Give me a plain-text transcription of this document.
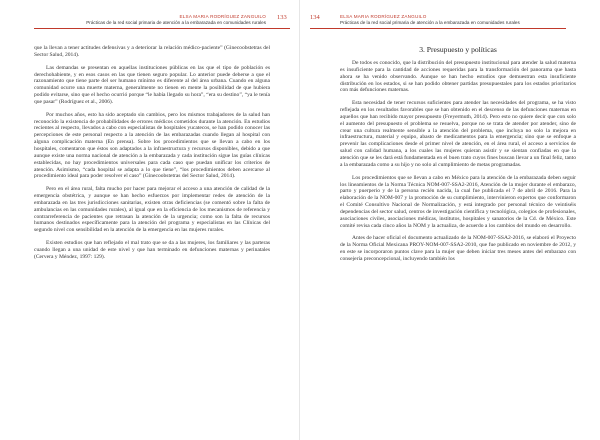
ELSA MARIA RODRÍGUEZ ZANGUILO
Prácticas de la red social primaria de atención a la embarazada en comunidades rurales
133

que la llevan a tener actitudes defensivas y a deteriorar la relación médico-paciente” (Ginecoobstetras del Sector Salud, 2014).

Las demandas se presentan en aquellas instituciones públicas en las que el tipo de población es derechohabiente, y en esos casos en las que tienen seguro popular. Lo anterior puede deberse a que el razonamiento que tiene parte del ser humano mínimo es diferente al del área urbana. Cuando en alguna comunidad ocurre una muerte materna, generalmente no tienen en mente la posibilidad de que hubiera podido evitarse, sino que el hecho ocurrió porque “le había llegado su hora”, “era su destino”, “ya le tenía que pasar” (Rodríguez et al., 2006).

Por muchos años, esto ha sido aceptado sin cambios, pero los mismos trabajadores de la salud han reconocido la existencia de probabilidades de errores médicos cometidos durante la atención. En estudios recientes al respecto, llevados a cabo con especialistas de hospitales yucatecos, se han podido conocer las percepciones de este personal respecto a la atención de las embarazadas cuando llegan al hospital con alguna complicación materna (En prensa). Sobre los procedimientos que se llevan a cabo en los hospitales, comentaron que éstos son adaptados a la infraestructura y recursos disponibles, debido a que aunque existe una norma nacional de atención a la embarazada y cada institución sigue las guías clínicas establecidas, no hay procedimientos universales para cada caso que puedan unificar los criterios de atención. Asimismo, “cada hospital se adapta a lo que tiene”, “los procedimientos deben acercarse al procedimiento ideal para poder resolver el caso” (Ginecoobstetras del Sector Salud, 2014).

Pero en el área rural, falta mucho por hacer para mejorar el acceso a una atención de calidad de la emergencia obstétrica, y aunque se han hecho esfuerzos por implementar redes de atención de la embarazada en las tres jurisdicciones sanitarias, existen otras deficiencias (se comentó sobre la falta de ambulancias en las comunidades rurales), al igual que en la eficiencia de los mecanismos de referencia y contrarreferencia de pacientes que retrasan la atención de la urgencia; como son la falta de recursos humanos destinados específicamente para la atención del programa y especialistas en las Clínicas del segundo nivel con sensibilidad en la atención de la emergencia en las mujeres rurales.

Existen estudios que han reflejado el mal trato que se da a las mujeres, los familiares y las parteras cuando llegan a una unidad de este nivel y que han terminado en defunciones maternas y perinatales (Cervera y Méndez, 1997: 129).

134	ELSA MARIA RODRÍGUEZ ZANGUILO
Prácticas de la red social primaria de atención a la embarazada en comunidades rurales
3. Presupuesto y políticas

De todos es conocido, que la distribución del presupuesto institucional para atender la salud materna es insuficiente para la cantidad de acciones requeridas para la transformación del panorama que hasta ahora se ha venido observando. Aunque se han hecho estudios que demuestran esta insuficiente distribución en los estados, si se han podido obtener partidas presupuestales para los estados prioritarios con más defunciones maternas.

Esta necesidad de tener recursos suficientes para atender las necesidades del programa, se ha visto reflejada en los resultados favorables que se han obtenido en el descenso de las defunciones maternas en aquellos que han recibido mayor presupuesto (Freyermuth, 2014). Pero esto no quiere decir que con solo el aumento del presupuesto el problema se resuelva, porque no se trata de atender por atender, sino de crear una cultura realmente sensible a la atención del problema, que incluya no solo la mejora en infraestructura, material y equipo, abasto de medicamentos para la emergencia; sino que se enfoque a prevenir las complicaciones desde el primer nivel de atención, en el área rural, el acceso a servicios de salud con calidad humana, a los cuales las mujeres quieran asistir y se sientan confiadas en que la atención que se les dará está fundamentada en el buen trato cuyos fines buscan llevar a un final feliz, tanto a la embarazada como a su hijo y no solo al cumplimiento de metas programadas.

Los procedimientos que se llevan a cabo en México para la atención de la embarazada deben seguir los lineamientos de la Norma Técnica NOM-007-SSA2-2016, Atención de la mujer durante el embarazo, parto y puerperio y de la persona recién nacida, la cual fue publicada el 7 de abril de 2016. Para la elaboración de la NOM-007 y la promoción de su cumplimiento, intervinieron expertos que conformaron el Comité Consultivo Nacional de Normalización, y está integrado por personal técnico de veintiséis dependencias del sector salud, centros de investigación científica y tecnológica, colegios de profesionales, asociaciones civiles, asociaciones médicas, institutos, hospitales y sanatorios de la Cd. de México. Este comité revisa cada cinco años la NOM y la actualiza, de acuerdo a los cambios del mundo en desarrollo.

Antes de hacer oficial el documento actualizado de la NOM-007-SSA2-2016, se elaboró el Proyecto de la Norma Oficial Mexicana PROY-NOM-007-SSA2-2010, que fue publicado en noviembre de 2012, y en este se incorporaron puntos clave para la mujer que deben iniciar tres meses antes del embarazo con consejería preconcepcional, incluyendo también los
